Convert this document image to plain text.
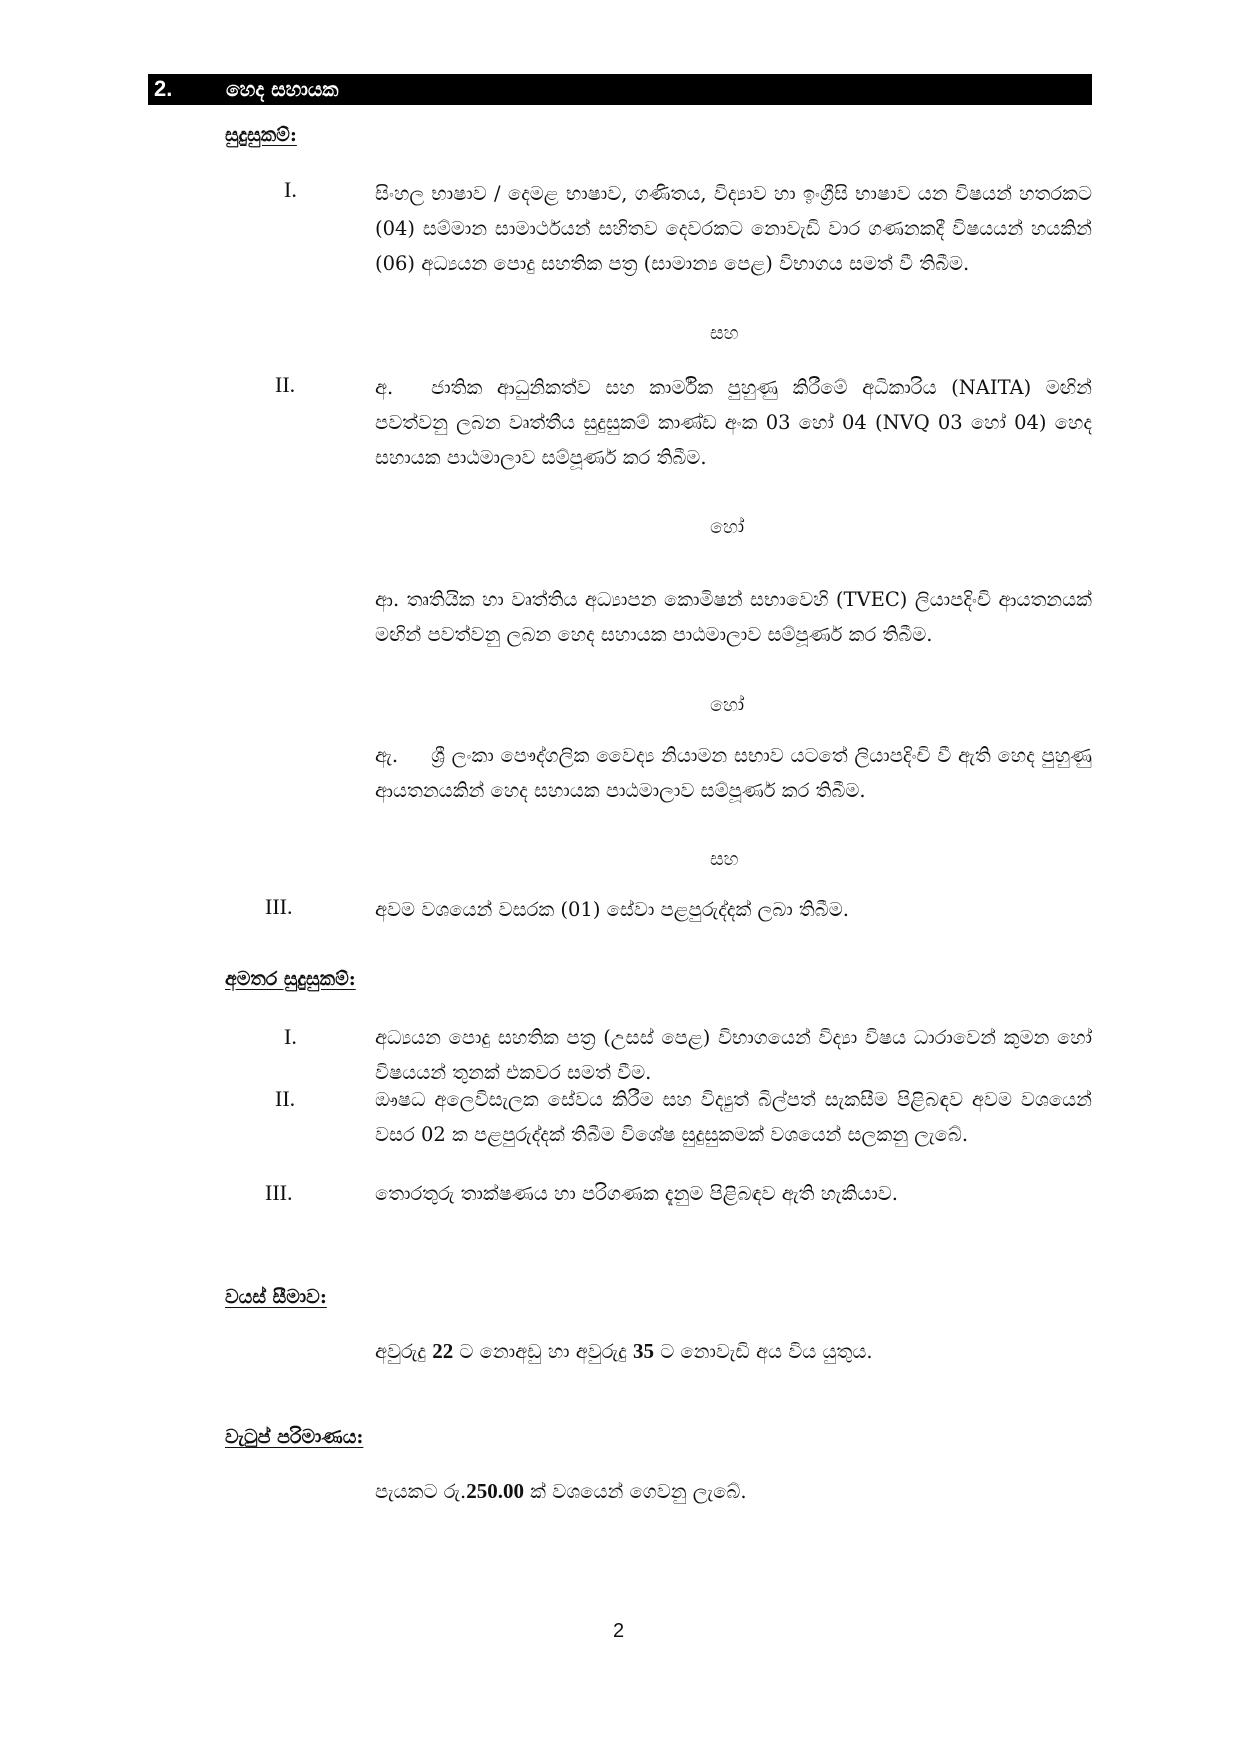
2.	හෙද සහායක
සුදුසුකම්:
I.	සිංහල භාෂාව / දෙමළ භාෂාව, ගණිතය, විද්‍යාව හා ඉංග්‍රීසි භාෂාව යන විෂයන් හතරකට (04) සම්මාන සාමාර්ථයන් සහිතව දෙවරකට නොවැඩි වාර ගණනකදී විෂයයන් හයකින් (06) අධ්‍යයන පොදු සහතික පත්‍ර (සාමාන්‍ය පෙළ) විභාගය සමත් වී තිබීම.
සහ
II.	අ. ජාතික ආධුනිකත්ව සහ කාර්මික පුහුණු කිරීමේ අධිකාරිය (NAITA) මඟින් පවත්වනු ලබන වෘත්තීය සුදුසුකම් කාණ්ඩ අංක 03 හෝ 04 (NVQ 03 හෝ 04) හෙද සහායක පාඨමාලාව සම්පූර්ණ කර තිබීම.
හෝ
ආ. තෘතියික හා වෘත්තිය අධ්‍යාපන කොමිෂන් සභාවෙහි (TVEC) ලියාපදිංචි ආයතනයක් මඟින් පවත්වනු ලබන හෙද සහායක පාඨමාලාව සම්පූර්ණ කර තිබීම.
හෝ
ඇ. ශ්‍රී ලංකා පෞද්ගලික වෛද්‍ය නියාමන සභාව යටතේ ලියාපදිංචි වී ඇති හෙද පුහුණු ආයතනයකින් හෙද සහායක පාඨමාලාව සම්පූර්ණ කර තිබීම.
සහ
III.	අවම වශයෙන් වසරක (01) සේවා පළපුරුද්දක් ලබා තිබීම.
අමතර සුදුසුකම්:
I.	අධ්‍යයන පොදු සහතික පත්‍ර (උසස් පෙළ) විභාගයෙන් විද්‍යා විෂය ධාරාවෙන් කුමන හෝ විෂයයන් තුනක් එකවර සමත් වීම.
II.	ඖෂධ අලෙවිසැලක සේවය කිරීම සහ විද්‍යුත් බිල්පත් සැකසීම පිළිබඳව අවම වශයෙන් වසර 02 ක පළපුරුද්දක් තිබීම විශේෂ සුදුසුකමක් වශයෙන් සලකනු ලැබේ.
III.	තොරතුරු තාක්ෂණය හා පරිගණක දැනුම පිළිබඳව ඇති හැකියාව.
වයස් සීමාව:
අවුරුදු 22 ට නොඅඩු හා අවුරුදු 35 ට නොවැඩි අය විය යුතුය.
වැටුප් පරිමාණය:
පැයකට රු.250.00 ක් වශයෙන් ගෙවනු ලැබේ.
2
